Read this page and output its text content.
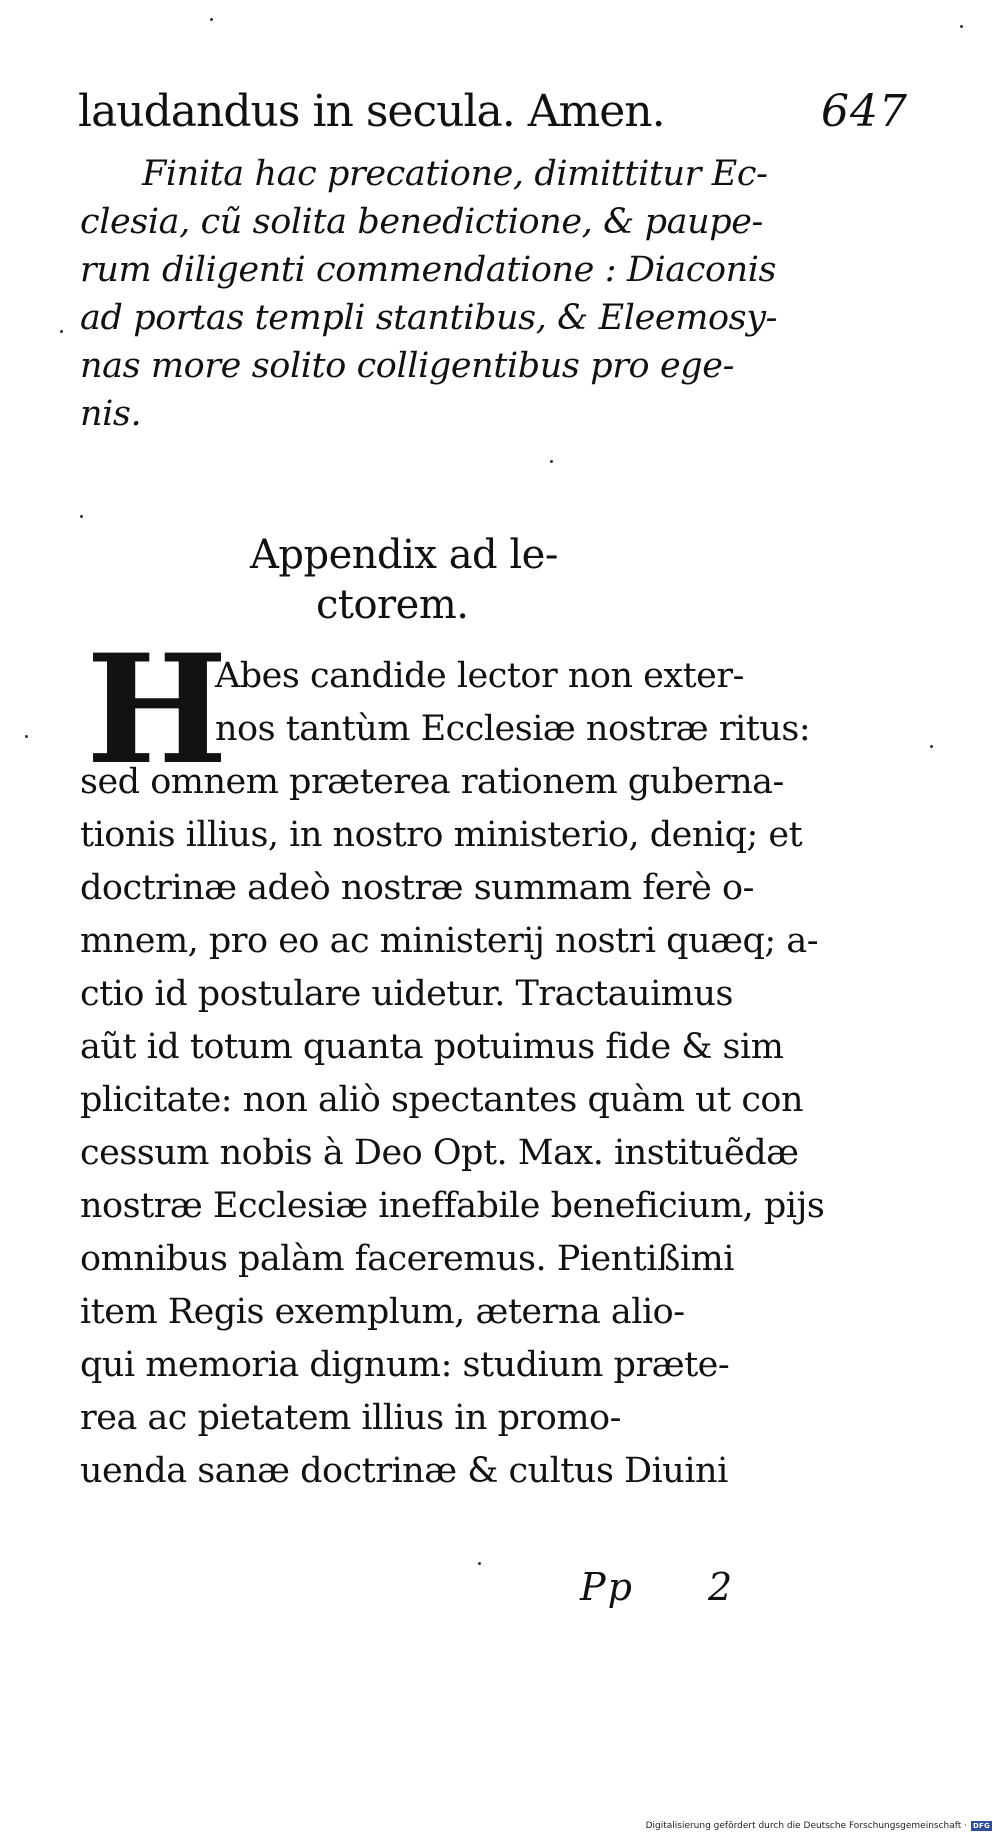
laudandus in secula. Amen.	647
Finita hac precatione, dimittitur Ec-
clesia, cũ solita benedictione, & paupe-
rum diligenti commendatione : Diaconis
ad portas templi stantibus, & Eleemosy-
nas more solito colligentibus pro ege-
nis.
Appendix ad le-
ctorem.
H
Abes candide lector non exter-
nos tantùm Ecclesiæ nostræ ritus:
sed omnem præterea rationem guberna-
tionis illius, in nostro ministerio, deniq; et
doctrinæ adeò nostræ summam ferè o-
mnem, pro eo ac ministerij nostri quæq; a-
ctio id postulare uidetur. Tractauimus
aũt id totum quanta potuimus fide & sim
plicitate: non aliò spectantes quàm ut con
cessum nobis à Deo Opt. Max. instituẽdæ
nostræ Ecclesiæ ineffabile beneficium, pijs
omnibus palàm faceremus. Pientißimi
item Regis exemplum, æterna alio-
qui memoria dignum: studium præte-
rea ac pietatem illius in promo-
uenda sanæ doctrinæ & cultus Diuini
Pp 2
Digitalisierung gefördert durch die Deutsche Forschungsgemeinschaft · DFG
